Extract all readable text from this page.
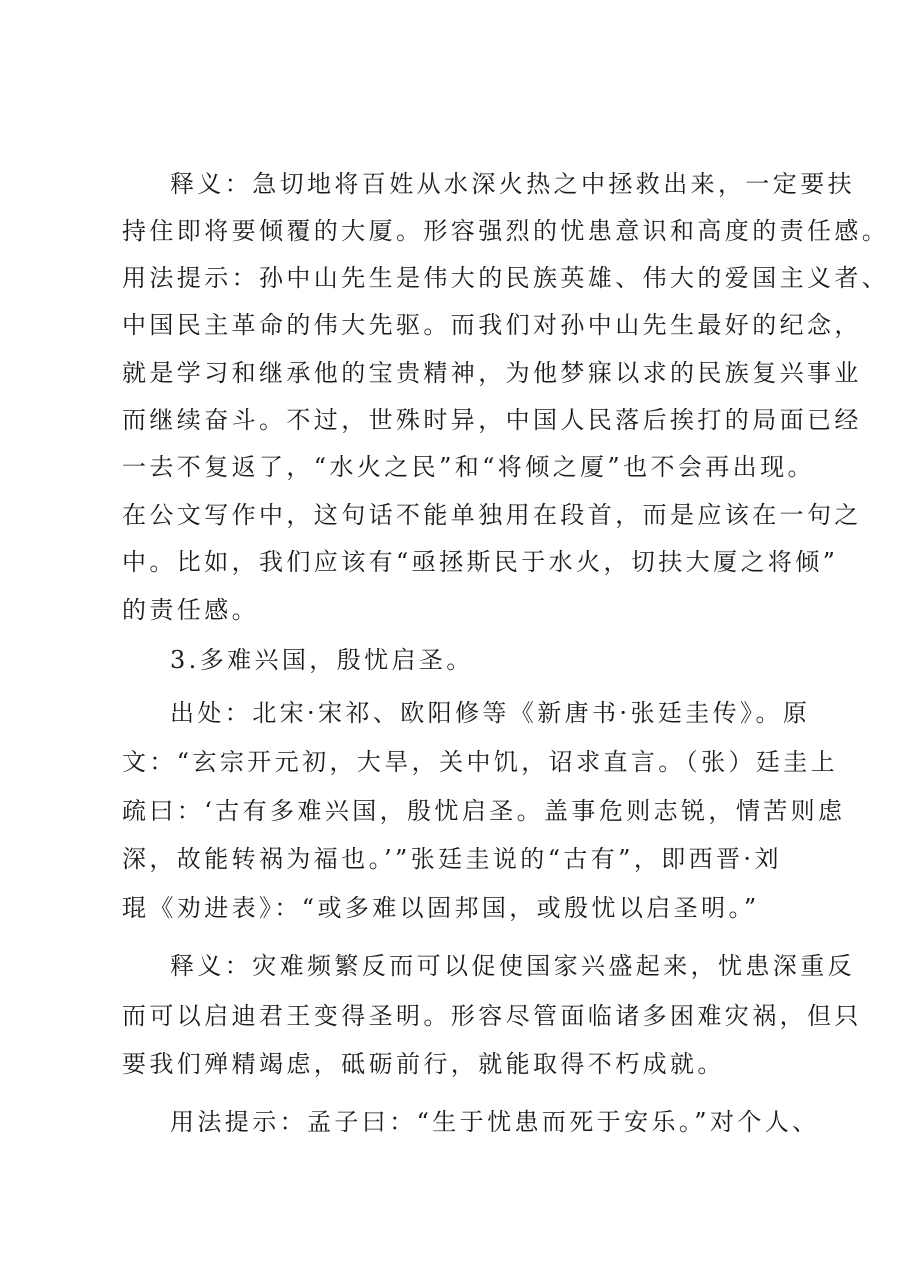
释义：急切地将百姓从水深火热之中拯救出来，一定要扶
持住即将要倾覆的大厦。形容强烈的忧患意识和高度的责任感。
用法提示：孙中山先生是伟大的民族英雄、伟大的爱国主义者、
中国民主革命的伟大先驱。而我们对孙中山先生最好的纪念，
就是学习和继承他的宝贵精神，为他梦寐以求的民族复兴事业
而继续奋斗。不过，世殊时异，中国人民落后挨打的局面已经
一去不复返了，“水火之民”和“将倾之厦”也不会再出现。
在公文写作中，这句话不能单独用在段首，而是应该在一句之
中。比如，我们应该有“亟拯斯民于水火，切扶大厦之将倾”
的责任感。
3.多难兴国，殷忧启圣。
出处：北宋·宋祁、欧阳修等《新唐书·张廷圭传》。原
文：“玄宗开元初，大旱，关中饥，诏求直言。（张）廷圭上
疏曰：‘古有多难兴国，殷忧启圣。盖事危则志锐，情苦则虑
深，故能转祸为福也。’”张廷圭说的“古有”，即西晋·刘
琨《劝进表》：“或多难以固邦国，或殷忧以启圣明。”
释义：灾难频繁反而可以促使国家兴盛起来，忧患深重反
而可以启迪君王变得圣明。形容尽管面临诸多困难灾祸，但只
要我们殚精竭虑，砥砺前行，就能取得不朽成就。
用法提示：孟子曰：“生于忧患而死于安乐。”对个人、
